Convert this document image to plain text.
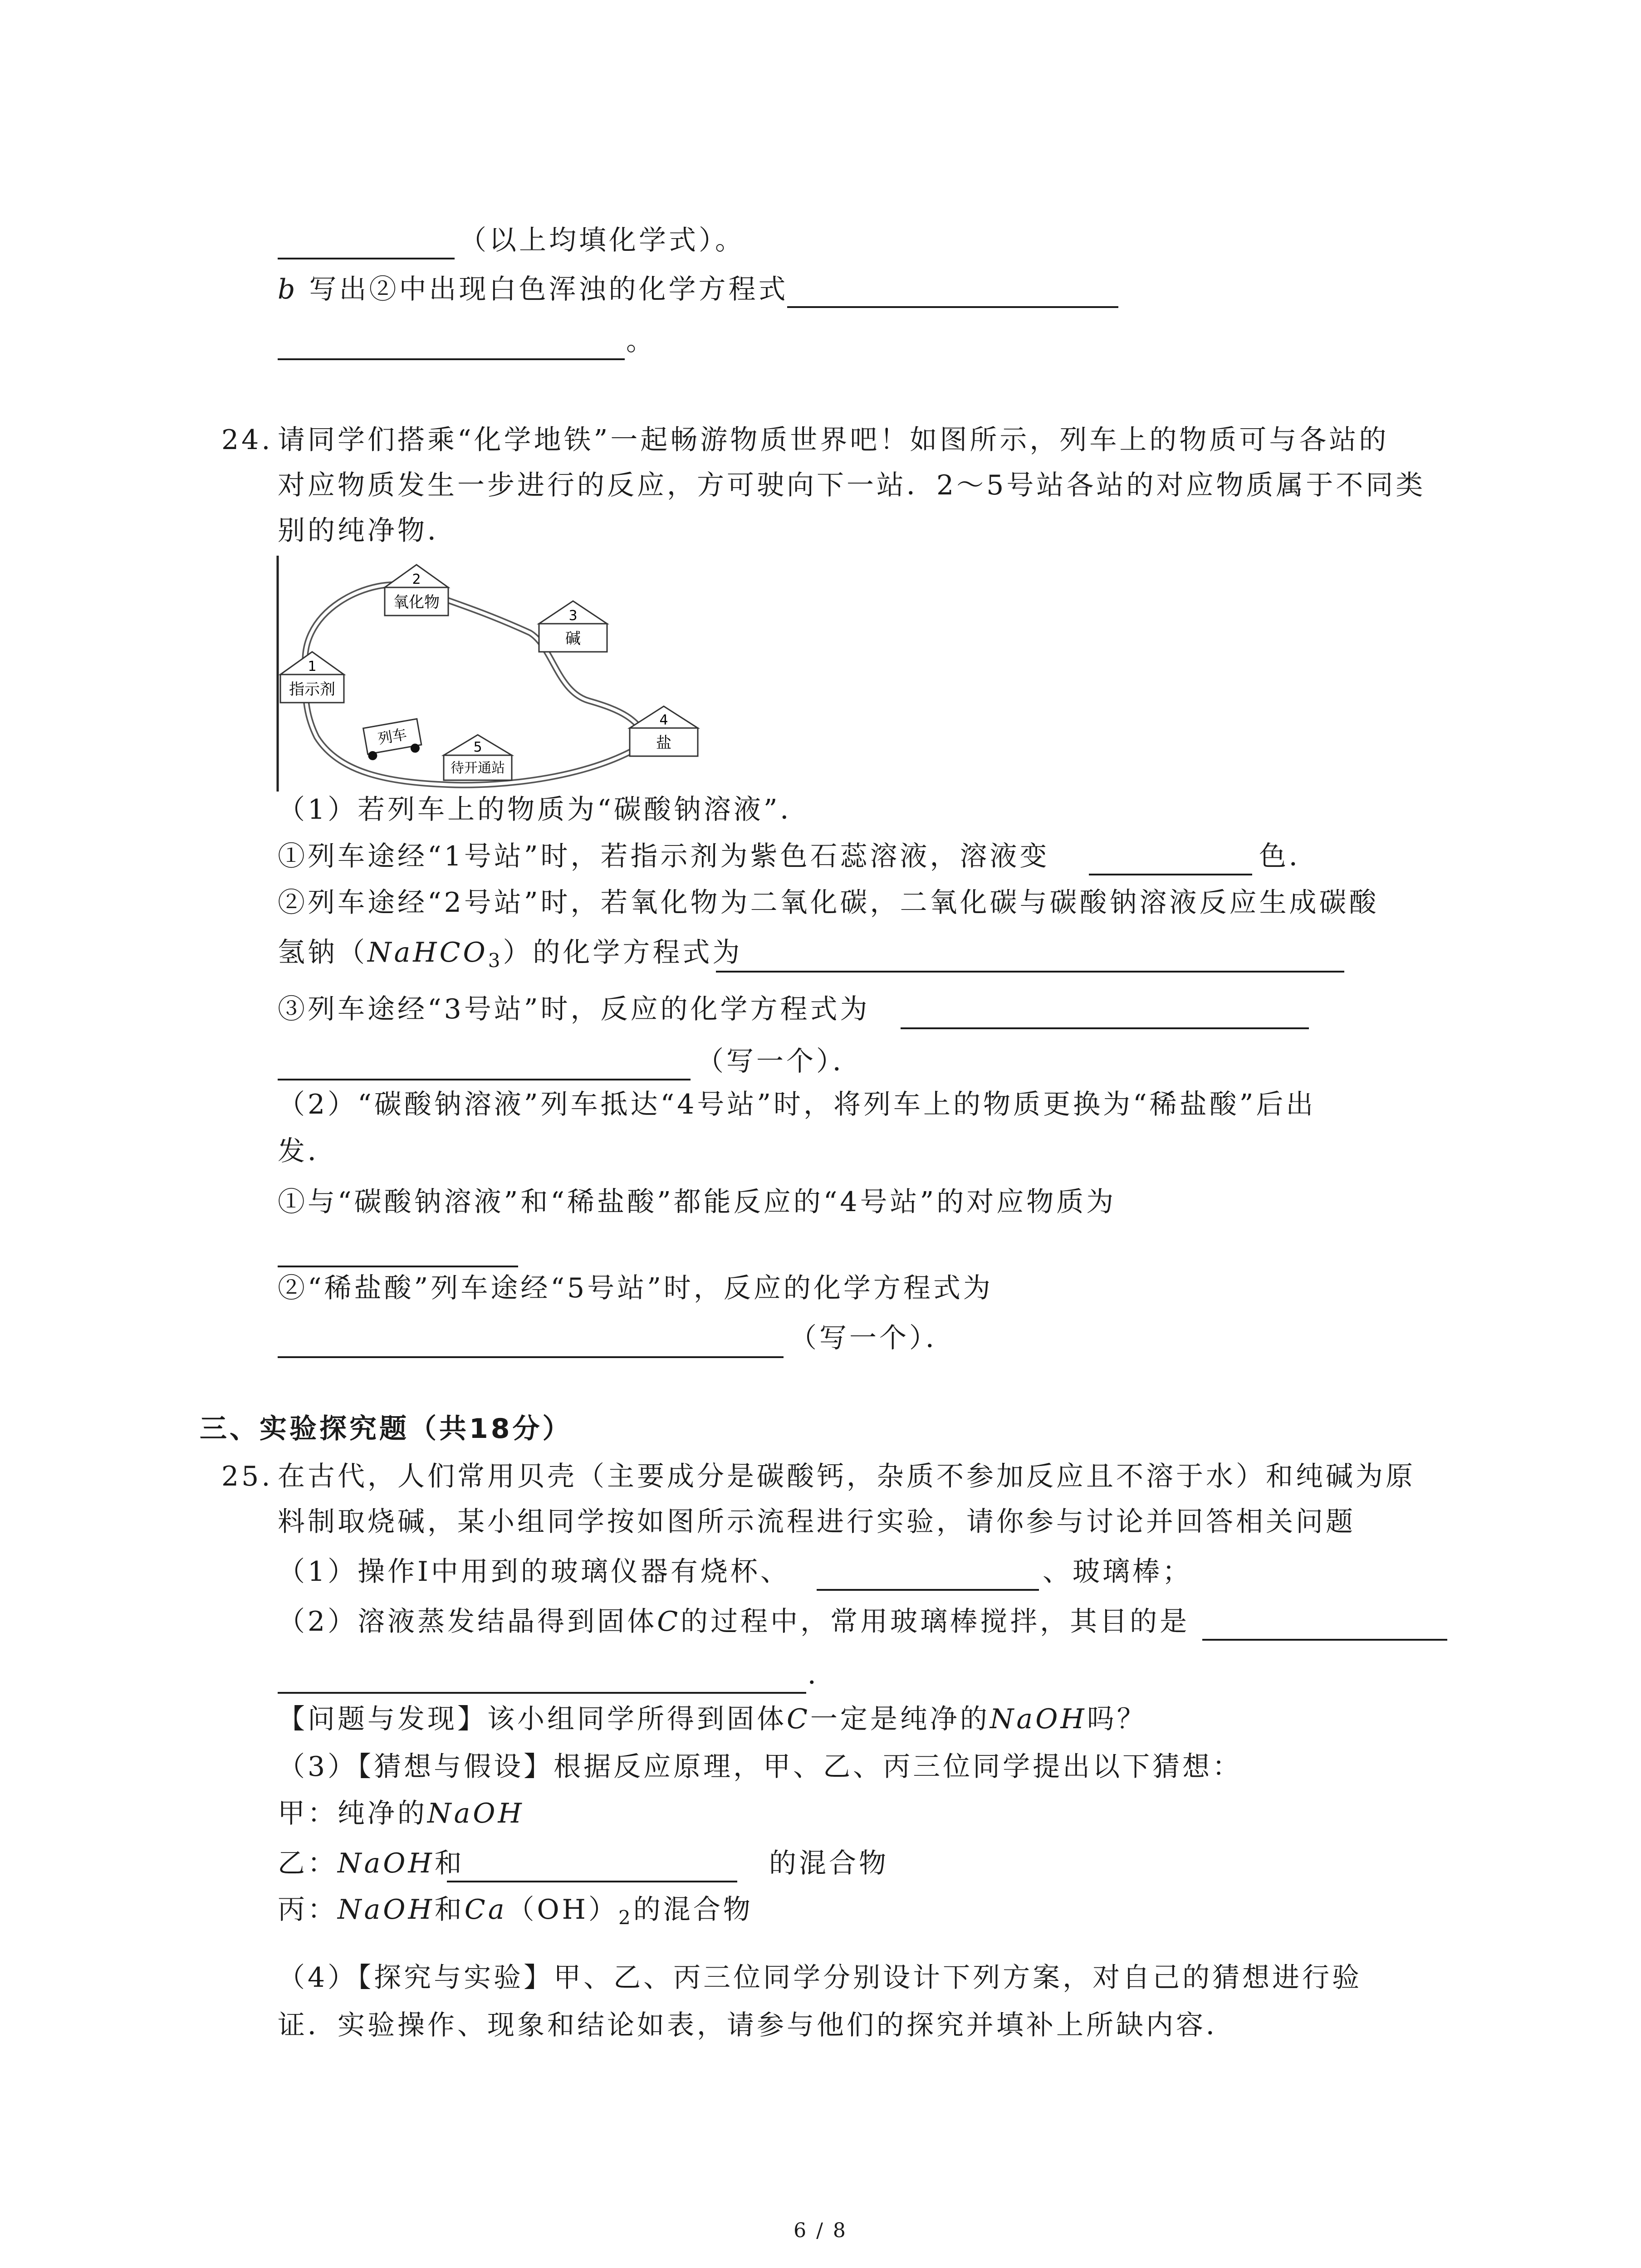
（以上均填化学式）。
b 写出②中出现白色浑浊的化学方程式
。
24. 请同学们搭乘“化学地铁”一起畅游物质世界吧！如图所示，列车上的物质可与各站的
对应物质发生一步进行的反应，方可驶向下一站．2～5号站各站的对应物质属于不同类
别的纯净物．
2
氧化物
3
碱
1
指示剂
4
盐
5
待开通站
列车
（1）若列车上的物质为“碳酸钠溶液”．
①列车途经“1号站”时，若指示剂为紫色石蕊溶液，溶液变	色．
②列车途经“2号站”时，若氧化物为二氧化碳，二氧化碳与碳酸钠溶液反应生成碳酸
氢钠（NaHCO$_3$）的化学方程式为
③列车途经“3号站”时，反应的化学方程式为
（写一个）．
（2）“碳酸钠溶液”列车抵达“4号站”时，将列车上的物质更换为“稀盐酸”后出
发．
①与“碳酸钠溶液”和“稀盐酸”都能反应的“4号站”的对应物质为
②“稀盐酸”列车途经“5号站”时，反应的化学方程式为
（写一个）．
三、实验探究题（共18分）
25. 在古代，人们常用贝壳（主要成分是碳酸钙，杂质不参加反应且不溶于水）和纯碱为原
料制取烧碱，某小组同学按如图所示流程进行实验，请你参与讨论并回答相关问题
（1）操作Ⅰ中用到的玻璃仪器有烧杯、	、玻璃棒；
（2）溶液蒸发结晶得到固体C的过程中，常用玻璃棒搅拌，其目的是
．
【问题与发现】该小组同学所得到固体C一定是纯净的NaOH吗？
（3）【猜想与假设】根据反应原理，甲、乙、丙三位同学提出以下猜想：
甲：纯净的NaOH
乙：NaOH和	的混合物
丙：NaOH和$Ca(OH)_2$的混合物
（4）【探究与实验】甲、乙、丙三位同学分别设计下列方案，对自己的猜想进行验
证．实验操作、现象和结论如表，请参与他们的探究并填补上所缺内容．
6 / 8
